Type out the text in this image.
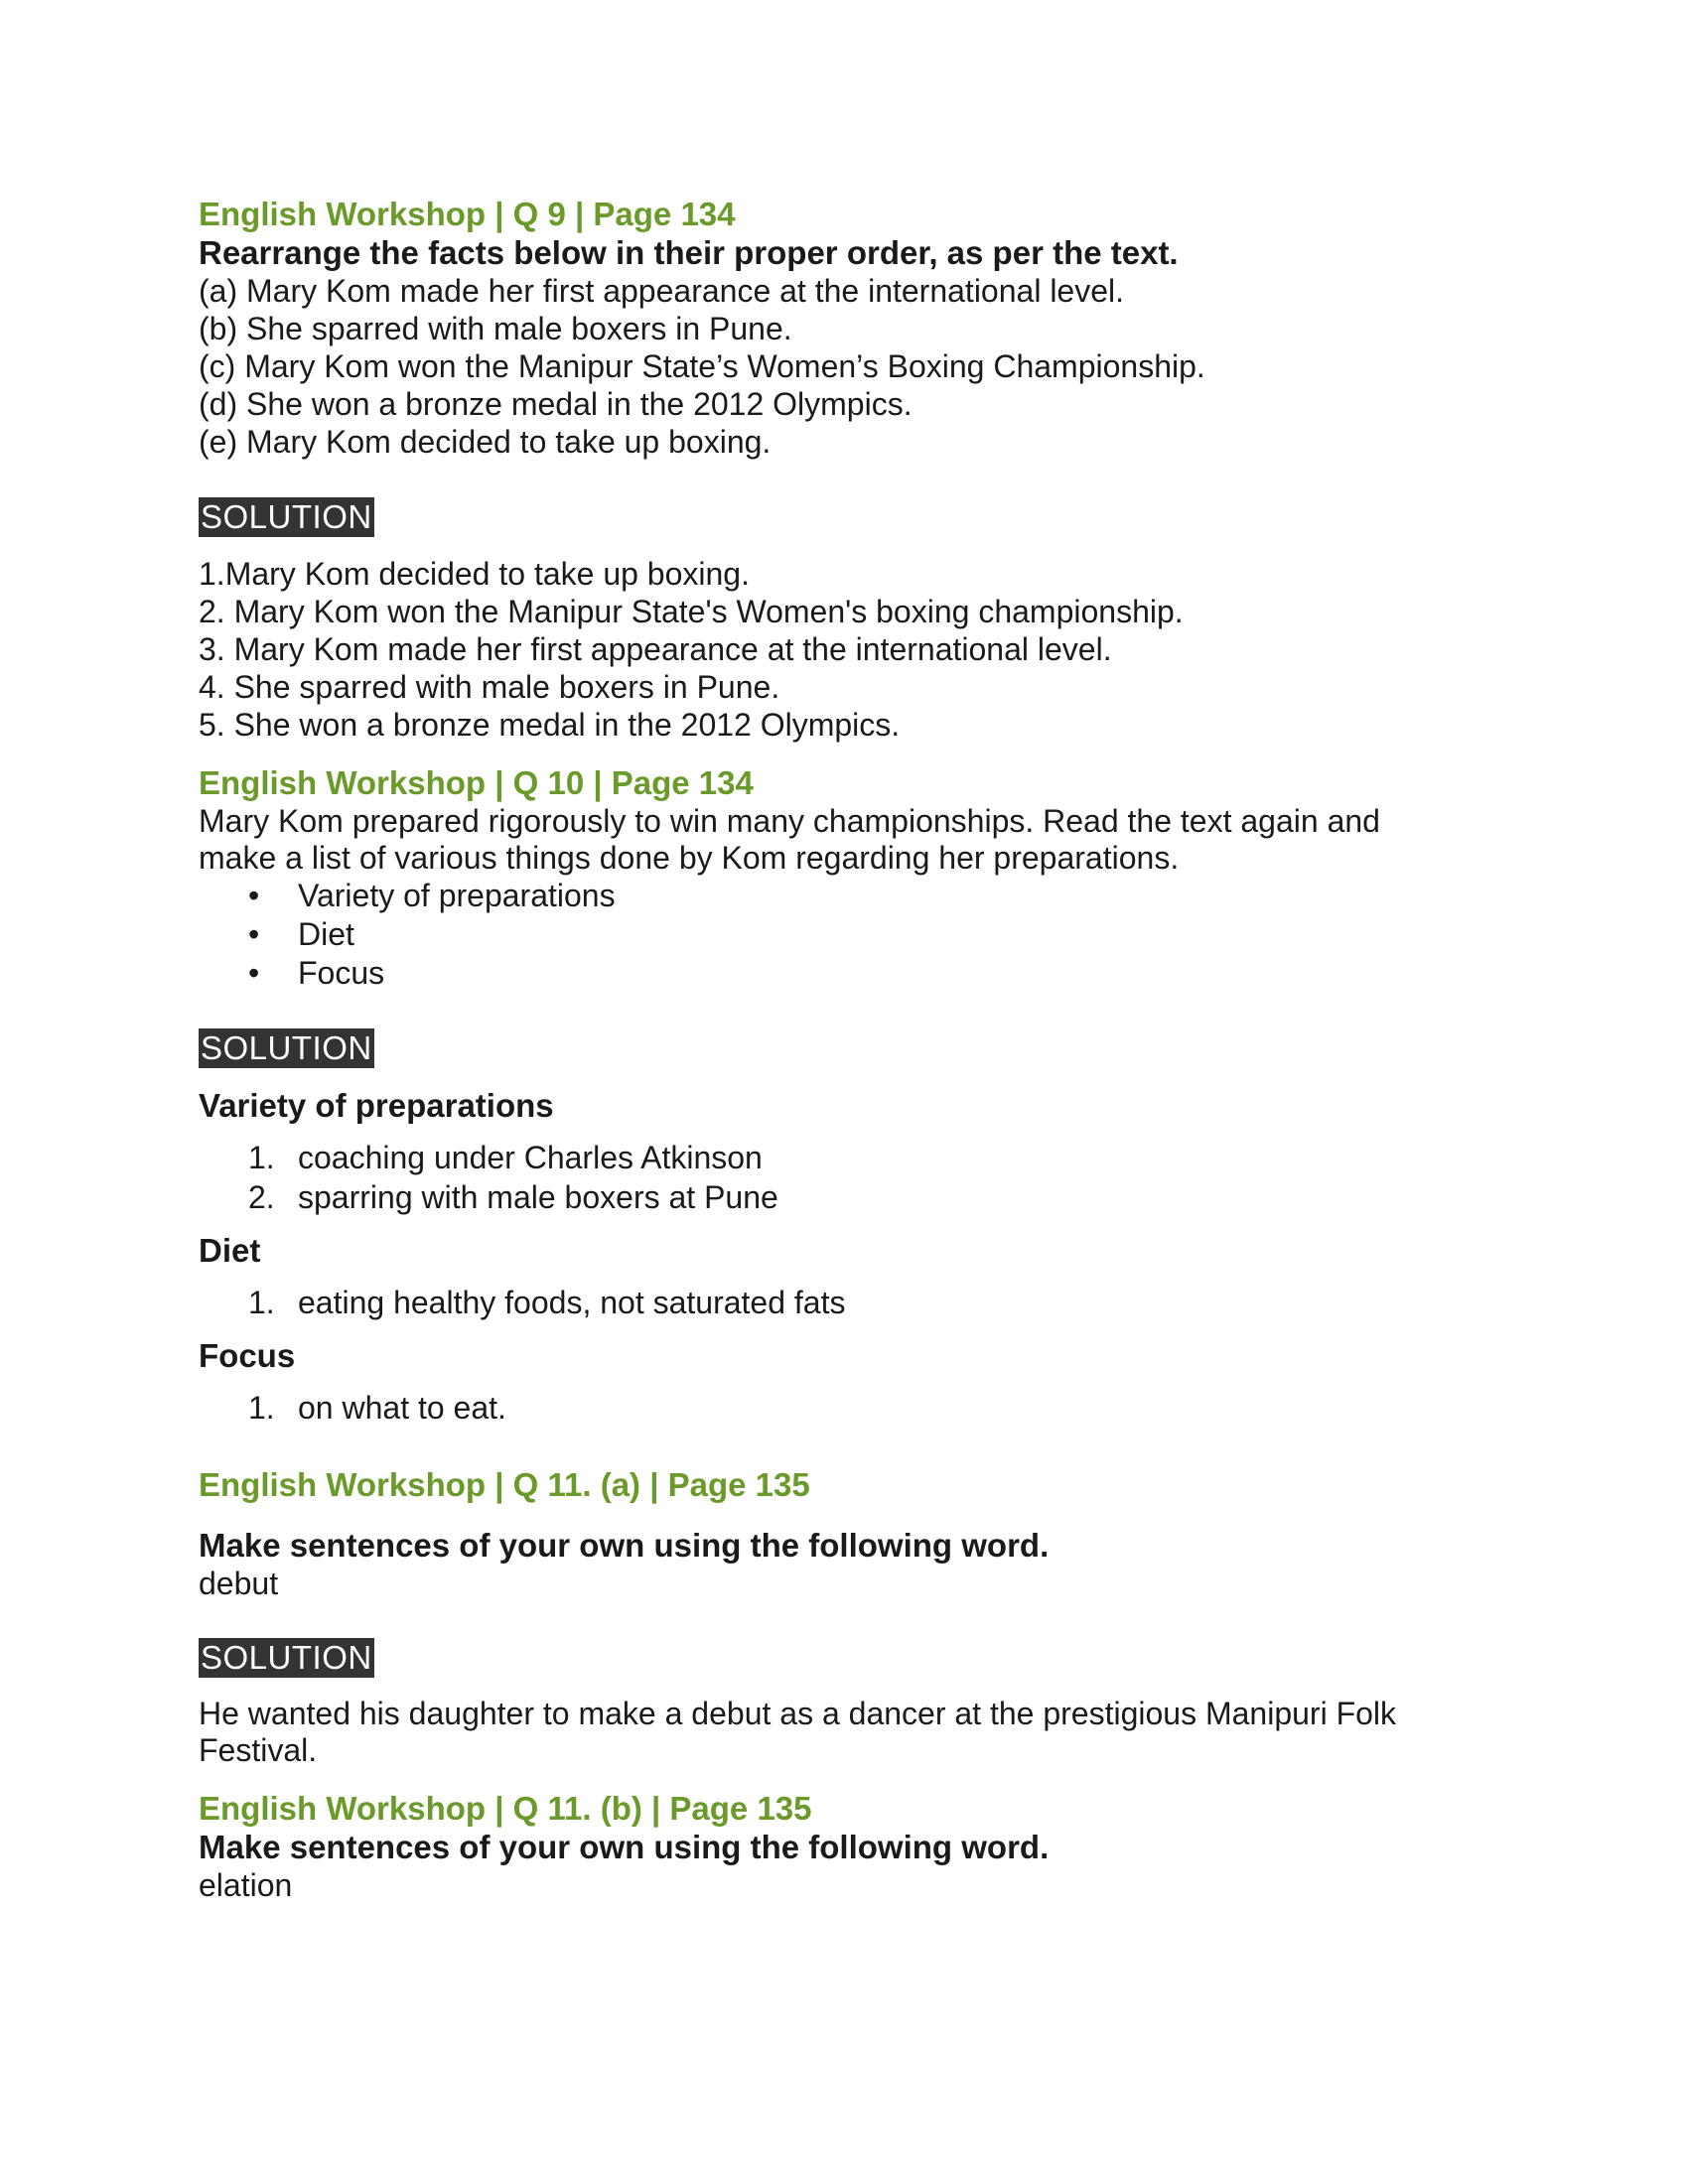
English Workshop | Q 9 | Page 134

Rearrange the facts below in their proper order, as per the text.

(a) Mary Kom made her first appearance at the international level.

(b) She sparred with male boxers in Pune.

(c) Mary Kom won the Manipur State’s Women’s Boxing Championship.

(d) She won a bronze medal in the 2012 Olympics.

(e) Mary Kom decided to take up boxing.

SOLUTION

1.Mary Kom decided to take up boxing.

2. Mary Kom won the Manipur State's Women's boxing championship.

3. Mary Kom made her first appearance at the international level.

4. She sparred with male boxers in Pune.

5. She won a bronze medal in the 2012 Olympics.

English Workshop | Q 10 | Page 134

Mary Kom prepared rigorously to win many championships. Read the text again and

make a list of various things done by Kom regarding her preparations.

• Variety of preparations
• Diet
• Focus
SOLUTION

Variety of preparations

1. coaching under Charles Atkinson
2. sparring with male boxers at Pune

Diet

1. eating healthy foods, not saturated fats

Focus

1. on what to eat.

English Workshop | Q 11. (a) | Page 135

Make sentences of your own using the following word.

debut

SOLUTION

He wanted his daughter to make a debut as a dancer at the prestigious Manipuri Folk

Festival.

English Workshop | Q 11. (b) | Page 135

Make sentences of your own using the following word.

elation
